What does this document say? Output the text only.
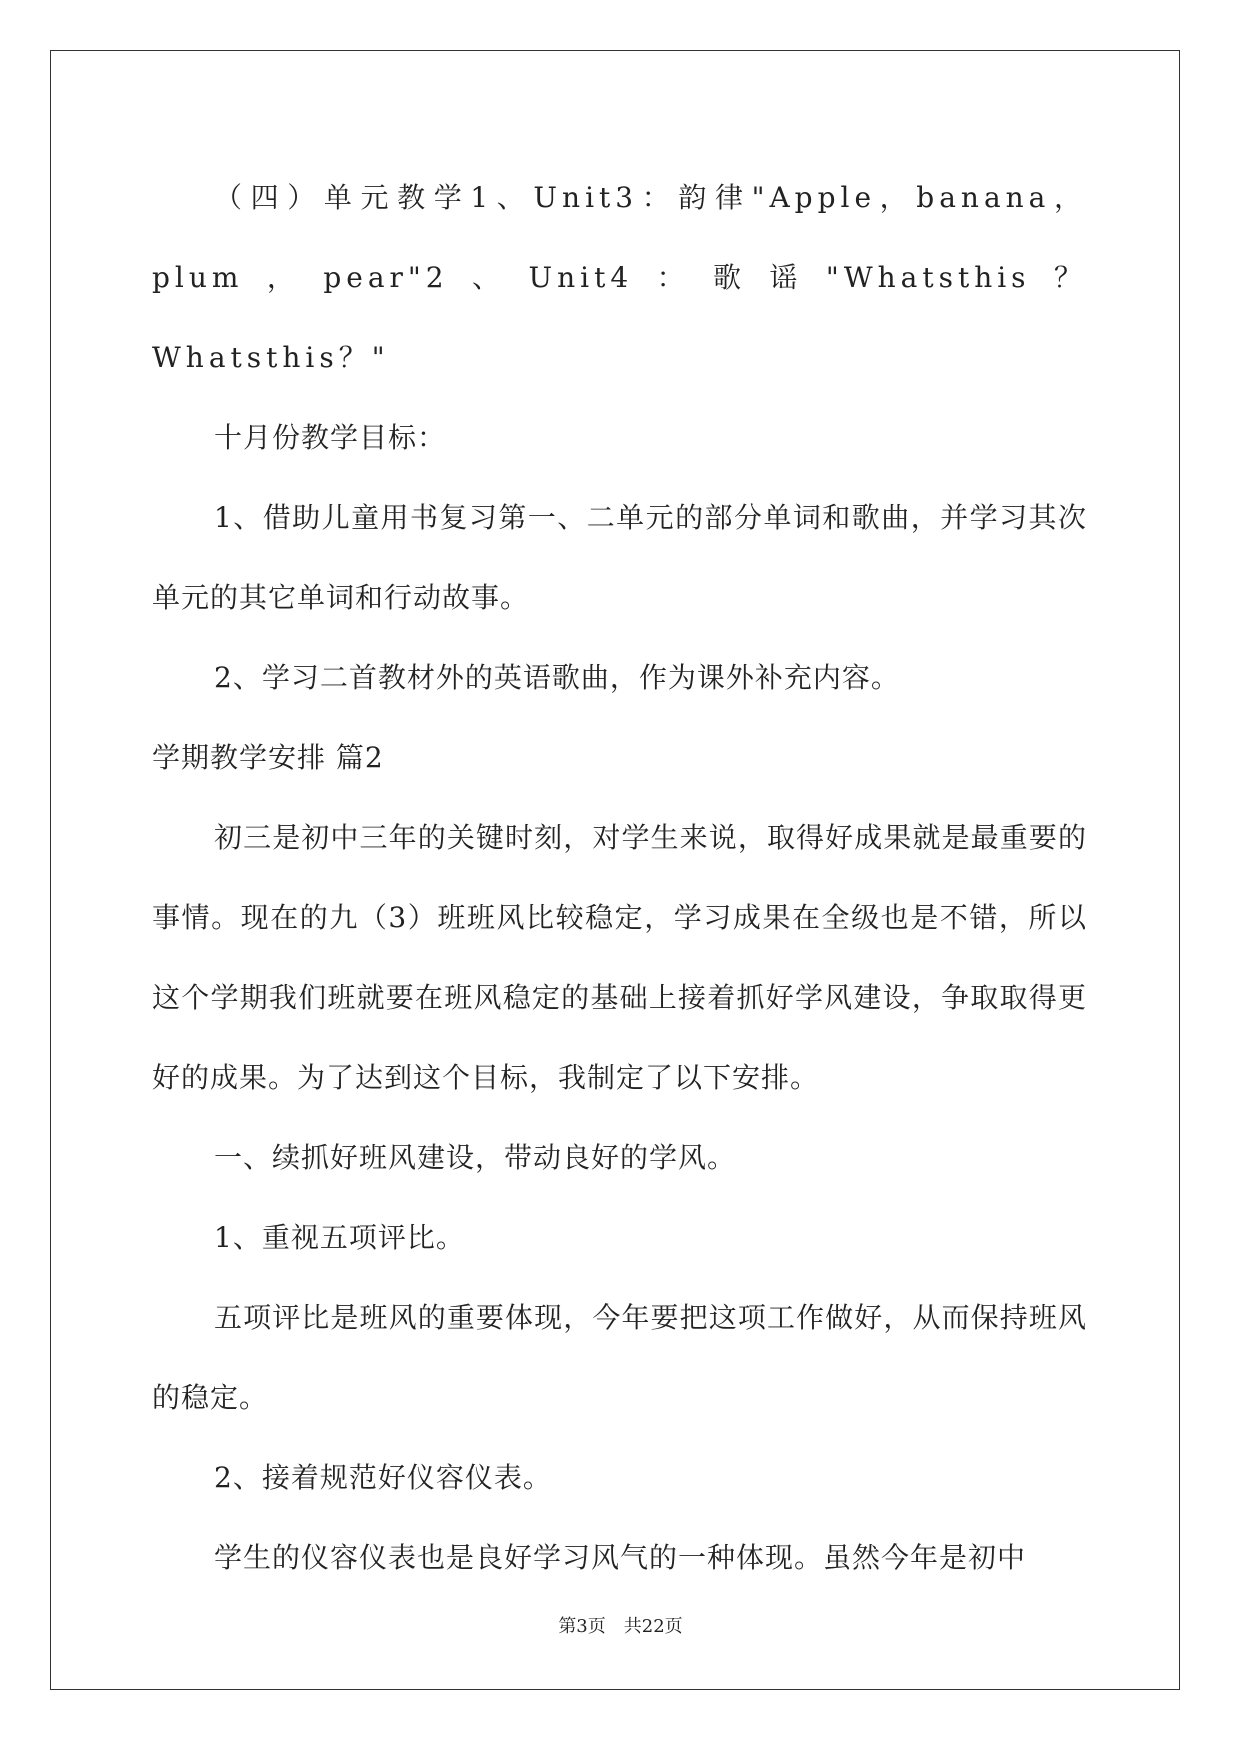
（四）单元教学1、Unit3：韵律"Apple，banana，plum，pear"2、Unit4：歌谣"Whatsthis？Whatsthis？"

十月份教学目标：

1、借助儿童用书复习第一、二单元的部分单词和歌曲，并学习其次单元的其它单词和行动故事。

2、学习二首教材外的英语歌曲，作为课外补充内容。

学期教学安排 篇2

初三是初中三年的关键时刻，对学生来说，取得好成果就是最重要的事情。现在的九（3）班班风比较稳定，学习成果在全级也是不错，所以这个学期我们班就要在班风稳定的基础上接着抓好学风建设，争取取得更好的成果。为了达到这个目标，我制定了以下安排。

一、续抓好班风建设，带动良好的学风。

1、重视五项评比。

五项评比是班风的重要体现，今年要把这项工作做好，从而保持班风的稳定。

2、接着规范好仪容仪表。

学生的仪容仪表也是良好学习风气的一种体现。虽然今年是初中

第3页 共22页
